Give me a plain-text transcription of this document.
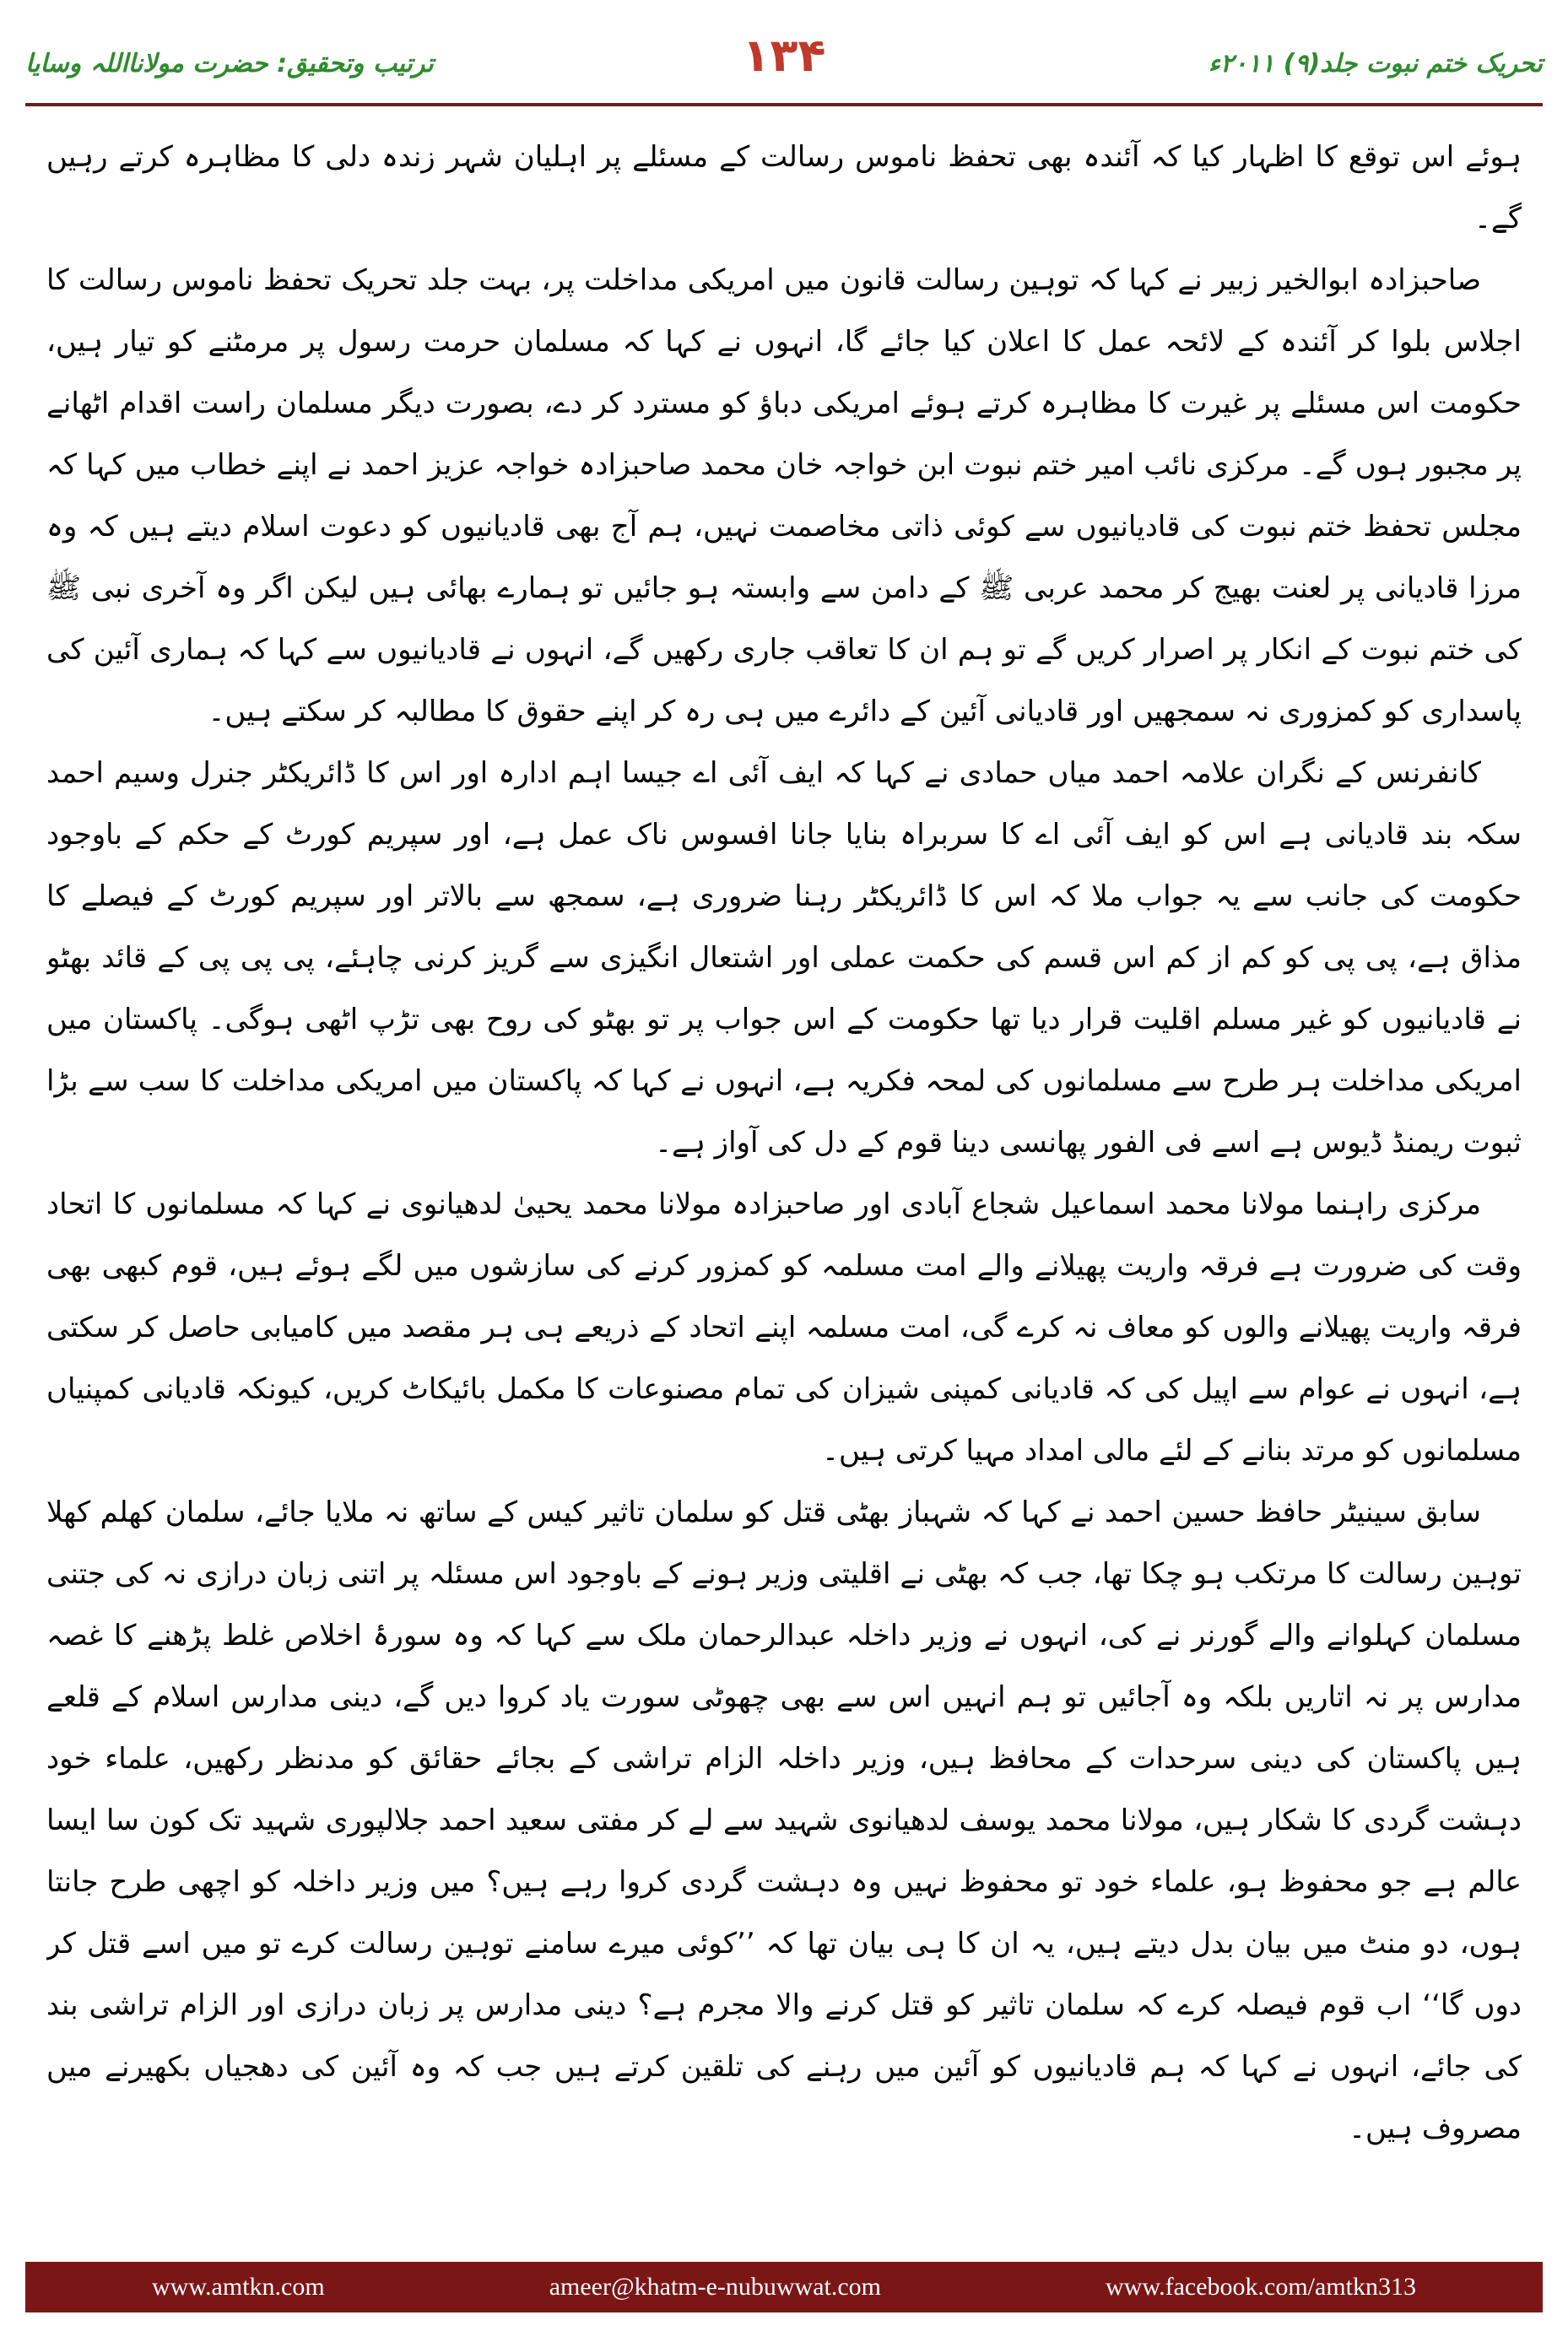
تحریک ختم نبوت جلد(۹) ۲۰۱۱ء
۱۳۴
ترتیب وتحقیق: حضرت مولانااللہ وسایا

ہوئے اس توقع کا اظہار کیا کہ آئندہ بھی تحفظ ناموس رسالت کے مسئلے پر اہلیان شہر زندہ دلی کا مظاہرہ کرتے رہیں گے۔

صاحبزادہ ابوالخیر زبیر نے کہا کہ توہین رسالت قانون میں امریکی مداخلت پر، بہت جلد تحریک تحفظ ناموس رسالت کا اجلاس بلوا کر آئندہ کے لائحہ عمل کا اعلان کیا جائے گا، انہوں نے کہا کہ مسلمان حرمت رسول پر مرمٹنے کو تیار ہیں، حکومت اس مسئلے پر غیرت کا مظاہرہ کرتے ہوئے امریکی دباؤ کو مسترد کر دے، بصورت دیگر مسلمان راست اقدام اٹھانے پر مجبور ہوں گے۔ مرکزی نائب امیر ختم نبوت ابن خواجہ خان محمد صاحبزادہ خواجہ عزیز احمد نے اپنے خطاب میں کہا کہ مجلس تحفظ ختم نبوت کی قادیانیوں سے کوئی ذاتی مخاصمت نہیں، ہم آج بھی قادیانیوں کو دعوت اسلام دیتے ہیں کہ وہ مرزا قادیانی پر لعنت بھیج کر محمد عربی ﷺ کے دامن سے وابستہ ہو جائیں تو ہمارے بھائی ہیں لیکن اگر وہ آخری نبی ﷺ کی ختم نبوت کے انکار پر اصرار کریں گے تو ہم ان کا تعاقب جاری رکھیں گے، انہوں نے قادیانیوں سے کہا کہ ہماری آئین کی پاسداری کو کمزوری نہ سمجھیں اور قادیانی آئین کے دائرے میں ہی رہ کر اپنے حقوق کا مطالبہ کر سکتے ہیں۔

کانفرنس کے نگران علامہ احمد میاں حمادی نے کہا کہ ایف آئی اے جیسا اہم ادارہ اور اس کا ڈائریکٹر جنرل وسیم احمد سکہ بند قادیانی ہے اس کو ایف آئی اے کا سربراہ بنایا جانا افسوس ناک عمل ہے، اور سپریم کورٹ کے حکم کے باوجود حکومت کی جانب سے یہ جواب ملا کہ اس کا ڈائریکٹر رہنا ضروری ہے، سمجھ سے بالاتر اور سپریم کورٹ کے فیصلے کا مذاق ہے، پی پی کو کم از کم اس قسم کی حکمت عملی اور اشتعال انگیزی سے گریز کرنی چاہئے، پی پی پی کے قائد بھٹو نے قادیانیوں کو غیر مسلم اقلیت قرار دیا تھا حکومت کے اس جواب پر تو بھٹو کی روح بھی تڑپ اٹھی ہوگی۔ پاکستان میں امریکی مداخلت ہر طرح سے مسلمانوں کی لمحہ فکریہ ہے، انہوں نے کہا کہ پاکستان میں امریکی مداخلت کا سب سے بڑا ثبوت ریمنڈ ڈیوس ہے اسے فی الفور پھانسی دینا قوم کے دل کی آواز ہے۔

مرکزی راہنما مولانا محمد اسماعیل شجاع آبادی اور صاحبزادہ مولانا محمد یحییٰ لدھیانوی نے کہا کہ مسلمانوں کا اتحاد وقت کی ضرورت ہے فرقہ واریت پھیلانے والے امت مسلمہ کو کمزور کرنے کی سازشوں میں لگے ہوئے ہیں، قوم کبھی بھی فرقہ واریت پھیلانے والوں کو معاف نہ کرے گی، امت مسلمہ اپنے اتحاد کے ذریعے ہی ہر مقصد میں کامیابی حاصل کر سکتی ہے، انہوں نے عوام سے اپیل کی کہ قادیانی کمپنی شیزان کی تمام مصنوعات کا مکمل بائیکاٹ کریں، کیونکہ قادیانی کمپنیاں مسلمانوں کو مرتد بنانے کے لئے مالی امداد مہیا کرتی ہیں۔

سابق سینیٹر حافظ حسین احمد نے کہا کہ شہباز بھٹی قتل کو سلمان تاثیر کیس کے ساتھ نہ ملایا جائے، سلمان کھلم کھلا توہین رسالت کا مرتکب ہو چکا تھا، جب کہ بھٹی نے اقلیتی وزیر ہونے کے باوجود اس مسئلہ پر اتنی زبان درازی نہ کی جتنی مسلمان کہلوانے والے گورنر نے کی، انہوں نے وزیر داخلہ عبدالرحمان ملک سے کہا کہ وہ سورۂ اخلاص غلط پڑھنے کا غصہ مدارس پر نہ اتاریں بلکہ وہ آجائیں تو ہم انہیں اس سے بھی چھوٹی سورت یاد کروا دیں گے، دینی مدارس اسلام کے قلعے ہیں پاکستان کی دینی سرحدات کے محافظ ہیں، وزیر داخلہ الزام تراشی کے بجائے حقائق کو مدنظر رکھیں، علماء خود دہشت گردی کا شکار ہیں، مولانا محمد یوسف لدھیانوی شہید سے لے کر مفتی سعید احمد جلالپوری شہید تک کون سا ایسا عالم ہے جو محفوظ ہو، علماء خود تو محفوظ نہیں وہ دہشت گردی کروا رہے ہیں؟ میں وزیر داخلہ کو اچھی طرح جانتا ہوں، دو منٹ میں بیان بدل دیتے ہیں، یہ ان کا ہی بیان تھا کہ ’’کوئی میرے سامنے توہین رسالت کرے تو میں اسے قتل کر دوں گا‘‘ اب قوم فیصلہ کرے کہ سلمان تاثیر کو قتل کرنے والا مجرم ہے؟ دینی مدارس پر زبان درازی اور الزام تراشی بند کی جائے، انہوں نے کہا کہ ہم قادیانیوں کو آئین میں رہنے کی تلقین کرتے ہیں جب کہ وہ آئین کی دھجیاں بکھیرنے میں مصروف ہیں۔

www.amtkn.com	ameer@khatm-e-nubuwwat.com	www.facebook.com/amtkn313
